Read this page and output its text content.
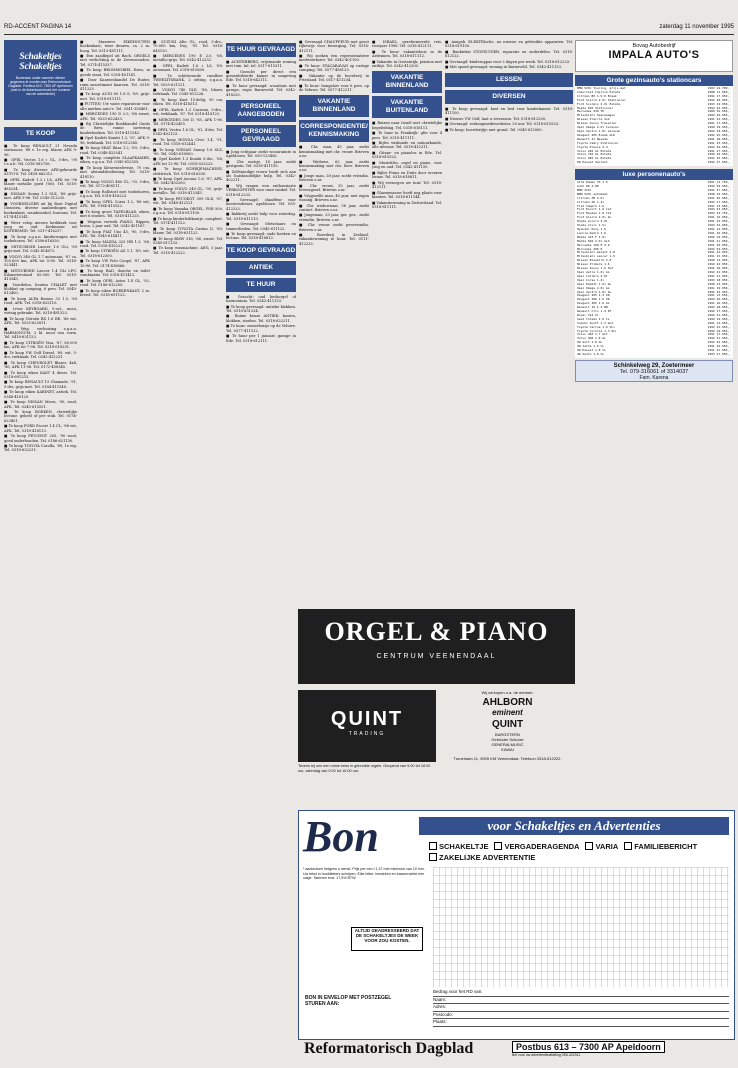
RD-ACCENT PAGINA 14	zaterdag 11 november 1995
Schakeltjes Schakeltjes
Bovenaan onder nummer dienen gegevens te worden aan Reformatorisch Dagblad. Postbus 613, 7300 AP Apeldoorn (met in de linkerbovenhoek het nummer van de advertentie)
TE KOOP

■ Te koop RENAULT 21 Nevada stationcar, '88 v. 1e eig. blauw, APK 9-96.

■ OPEL Vectra 1.6 i GL, 5-drs, '90 t.e.a.b. Tel. 0318-582756.

■ Te koop diverse APK-gekeurde AUTO'S. Tel. 0418-662312.

■ OPEL Kadett 1.3 i LS, APK tot '96 blauw metallic goed ('86). Tel. 0318-485234.

■ NISSAN Sunny 1.3 SLX, '88 grijs-met. APK 9-96. Tel. 0345-512235.

■ VOORDELIGER uit bij Bout Digital Diensten, diverse aanbiedingen met boekenkast, wandmeubel, bureaus. Tel. 0174-415341.

■ Weer volop nieuwe kerkkerk voor jong en oud. Kerkmusic uit KOTERSMID. Tel. 0317-416237.

■ Te koop z.g.a.n. kinderwagen met toebehoren. Tel. 0186-616350.

■ MITSUBISHI Lancer 1.6 GLi, '89 grijs-met. Tel. 0342-414672.

■ VOLVO 340 GL 1.7 automaat, '87 ca. 105.000 km, APK tot 5-96. Tel. 0316-523441.

■ MITSUBISHI Lancer 1.4 GLi LPG. Kilometerstand 65.000. Tel. 0318-413345.

■ Voordelen, houten CHALET met blokhut op camping, 6 pers. Tel. 0345-612400.

■ Te koop ALFA Romeo 33 1.5, '89 rood, APK. Tel. 0318-632110.

■ Ivoor KEYBOARD, 5-oct., mooi, weinig gebruikt. Tel. 0318-481523.

■ Te koop Citroën BX 1.6 RE, '88 wit, APK. Tel. 0525-622811.

■ Weg. verhuizing z.g.a.n. HARMONIUM, 2 kl. mooi van vorm. Tel. 0418-631123.

■ Te koop CITROËN Visa, '87, 80.000 km, APK tot 7-96. Tel. 0318-618251.

■ Te koop VW Golf Diesel, '89, wit, 5-drs, trekhaak. Tel. 0342-412231.

■ Te koop CHEVROLET Blazer, 4x4, '86, APK 11-96. Tel. 0172-408345.

■ Te koop eiken KAST 4 deurs. Tel. 0318-691233.

■ Te koop RENAULT 19 Chamade, '91, 5-drs, grijs-met. Tel. 0184-411540.

■ Te koop eiken KABINET, antiek. Tel. 0348-416120.

■ Te koop NISSAN Micra, '90, rood, APK. Tel. 0345-615551.

■ Te koop BOEKEN, christelijke lectuur, geheel of per stuk. Tel. 0174-623401.

■ Te koop FORD Escort 1.4 CL, '88 wit, APK. Tel. 0318-418113.

■ Te koop PEUGEOT 205, '90 rood, goed onderhouden. Tel. 0186-621130.

■ Te koop TOYOTA Corolla, '89, 1e eig. Tel. 0318-652231.

■ Massieve EIKEHOUTEN boekenkast, twee deuren, ca. 2 m. hoog. Tel. 0313-481111.

■ Een zaadlepel uit Bach. ORGELS met verlichting in de Zevenwouden. Tel. 0174-415337.

■ Te koop BROMMOBIEL Estro, in goede staat. Tel. 0318-451141.

■ Door Kaarsenhandel De Ruiter, ruim assortiment kaarsen. Tel. 0318-411223.

■ Te koop AUDI 80 1.8 S, '89, grijs-met. Tel. 0318-611111.

■ PUTTEN: Uw vaste reparateur voor alle merken auto's. Tel. 0341-358461.

■ MERCEDES 190 D 2.5, '88 zwart, APK. Tel. 0525-622433.

■ Bij Christelijke Boekhandel Guido de Bres, ruime sortering kinderboeken. Tel. 0318-411542.

■ Opel Kadett Kombi 1.3, '87, APK 9-96, trekhaak. Tel. 0318-612345.

■ Te koop SEAT Ibiza 1.2, '89, 3-drs, rood. Tel. 0348-422541.

■ Te koop complete SLAAPKAMER, eiken, z.g.a.n. Tel. 0345-612555.

■ Te koop kleurentelevisie, 70 cm, met afstandsbediening. Tel. 0318-418110.

■ Te koop VOLVO 460 GL, '93, 5-drs, wit. Tel. 0172-408111.

■ Te koop Rollstoel met toebehoren, z.g.a.n. Tel. 0318-416223.

■ Te koop OPEL Corsa 1.2, '88 wit, APK. Tel. 0184-415522.

■ Te koop groot TAFELBLAD, eiken, met 6 stoelen. Tel. 0318-411225.

■ Wegens vertrek PIANO, Rippen, bruin, 2 jaar oud. Tel. 0342-451167.

■ Te koop FIAT Uno 45, '90, 5-drs, APK. Tel. 0345-614411.

■ Te koop MAZDA 323 HB 1.3, '88, rood. Tel. 0316-415221.

■ Te koop CITROËN AX 1.1, '89, wit. Tel. 0318-612300.

■ Te koop VW Polo Coupé, '87, APK 10-96. Tel. 0174-416666.

■ Te koop BAD, douche en toilet combinatie. Tel. 0318-411412.

■ Te koop OPEL Astra 1.4 GL, '92, rood. Tel. 0186-612200.

■ Te koop eiken BOEKENKAST, 2 m. breed. Tel. 0318-691122.

■ SUZUKI Alto GL, rood, 5-drs., 70.000 km, bwj. '91. Tel. 0318-645120.

■ MERCEDES 190 E 2.0, '88, metallic-grijs. Tel. 0342-412232.

■ OPEL Kadett 1.6 i LS, '89, automaat. Tel. 0318-615600.

■ Te schitterende rundleer TWEEZITSBANK, 2 zitting, z.g.a.n. Tel. 0525-621121.

■ VOLVO 740 GLE, '88, blauw, trekhaak. Tel. 0345-612226.

■ Te koop Kast 15-delig, 90 cm, eiken. Tel. 0318-418313.

■ OPEL Kadett 1.3 Caravan, 5-drs., wit, trekhaak, '87. Tel. 0318-418123.

■ MERCEDES 300 D, '85, APK 1-96. Tel. 0174-422455.

■ OPEL Vectra 1.6 GL, '91, 4-drs. Tel. 0342-402123.

■ Te koop HONDA Civic 1.4, '91, rood. Tel. 0318-612441.

■ Te koop NISSAN Sunny 1.6 SLX, '90. Tel. 0345-618000.

■ Opel Kadett 1.3 Kombi 5-drs., '88, APK tot 12-96. Tel. 0318-523223.

■ Te koop SCHRIJFMACHINE, elektrisch. Tel. 0318-616200.

■ Te koop Opel Ascona 1.6, '87, APK. Tel. 0342-452200.

■ Te koop VOLVO 240 GL, '90, grijs-metallic. Tel. 0318-412345.

■ Te koop PEUGEOT 309 GLD, '87, wit. Tel. 0348-412121.

■ Te koop Yamaha ORGEL, PSR 500, z.g.a.n. Tel. 0318-611100.

■ Te koop kinderledikantje, compleet. Tel. 0174-411122.

■ Te koop TOYOTA Carina II, '89, blauw. Tel. 0318-631122.

■ Te koop BMW 316, '86, zwart. Tel. 0345-611133.

■ Te koop wasmachine, AEG, 5 jaar. Tel. 0318-412222.

TE HUUR GEVRAAGD

■ ACHTERBERG, vrijstaande woning met tuin. Inl. tel. 0317-615311.

■ Gezocht per direct een gemeubileerde kamer in omgeving Ede. Tel. 0318-642111.

■ Te huur gevraagd: woonhuis met garage, regio Barneveld. Tel. 0342-418220.

PERSONEEL AANGEBODEN
PERSONEEL GEVRAAGD

■ Jong echtpaar zoekt woonruimte in Apeldoorn. Tel. 055-123456.

■ Chr. meisje, 18 jaar, zoekt gastgezin. Tel. 0318-411155.

■ Zelfstandige vrouw biedt zich aan als huishoudelijke hulp. Tel. 0342-402211.

■ Wij vragen een enthousiaste VERKOOPSTER voor onze winkel. Tel. 0318-612233.

■ Gevraagd: chauffeur voor koeriersdienst, Apeldoorn. Tel. 055-412223.

■ Bakkerij zoekt hulp voor zaterdag. Tel. 0318-611110.

■ Gevraagd: Metselaars en timmerlieden. Tel. 0345-611122.

■ Te koop gevraagd: oude boeken en lectuur. Tel. 0318-418812.

TE KOOP GEVRAAGD
ANTIEK
TE HUUR

■ Gezocht: oud kerkorgel of harmonium. Tel. 0342-411133.

■ Te koop gevraagd: antieke klokken. Tel. 0318-631234.

■ Ruime keuze ANTIEK: kasten, klokken, stoelen. Tel. 0318-622211.

■ Te huur: zomerhuisje op de Veluwe. Tel. 0577-411122.

■ Te huur per 1 januari: garage in Ede. Tel. 0318-612111.

■ Gevraagd CHAUFFEUR met groot rijbewijs voor bezorging. Tel. 0318-412111.

■ Wij zoeken een representatieve medewerkster. Tel. 0342-401100.

■ Te huur: STACARAVAN op rustige camping. Tel. 0577-456123.

■ Vakantie op de boerderij in Friesland. Tel. 0517-411234.

■ Te huur: bungalow voor 6 pers. op de Veluwe. Tel. 0577-412211.

VAKANTIE BINNENLAND
CORRESPONDENTIE/ KENNISMAKING

■ Chr. man, 45 jaar, zoekt kennismaking met chr. vrouw. Brieven o.nr.

■ Weduwe, 62 jaar, zoekt kennismaking met chr. heer. Brieven o.nr.

■ Jonge man, 28 jaar, zoekt vriendin. Brieven o.nr.

■ Chr. vrouw, 35 jaar, zoekt levensgezel. Brieven o.nr.

■ Vrijgezelle man, 40 jaar, met eigen woning. Brieven o.nr.

■ Chr. weduwnaar, 58 jaar, zoekt contact. Brieven o.nr.

■ Jongeman, 33 jaar, ger. gez., zoekt vriendin. Brieven o.nr.

■ Chr. vrouw zoekt penvriendin. Brieven o.nr.

■ Boerderij in Zeeland, vakantiewoning te huur. Tel. 0111-412233.

■ ISRAËL, gereformeerde reis, voorjaar 1996. Tel. 0318-412111.

■ Te huur: vakantiehuis in de Ardennen. Tel. 0318-611112.

■ Vakantie in Oostenrijk, pension met ontbijt. Tel. 0342-412200.

VAKANTIE BINNENLAND
VAKANTIE BUITENLAND

■ Reizen naar Israël met christelijke begeleiding. Tel. 0318-616111.

■ Te huur in Frankrijk: gîte voor 4 pers. Tel. 0318-411111.

■ Bijles wiskunde en natuurkunde, alle niveaus. Tel. 0318-412211.

■ Gitaar- en pianoles in Ede. Tel. 0318-615522.

■ Muziekles, orgel en piano, voor jong en oud. Tel. 0342-411155.

■ Bijles Frans en Duits door ervaren leraar. Tel. 0318-618811.

■ Wij verzorgen uw tuin! Tel. 0318-412111.

■ Glazenwasser heeft nog plaats voor klanten. Tel. 0318-611144.

■ Vakantiewoning in Zwitserland. Tel. 0318-611111.

■ Aangeb. ELEKTRIsche, nu nieuwe en gebruikte apparaten. Tel. 0318-619100.

■ Bauktekst STOFZUIGER, reparatie en onderdelen. Tel. 0318-612122.

■ Gevraagd: kinderoppas voor 2 dagen per week. Tel. 0318-612233.

■ Met spoed gevraagd: woning in Barneveld. Tel. 0342-411133.

LESSEN
DIVERSEN

■ Te koop gevraagd: kast en bed voor kinderkamer. Tel. 0318-411100.

■ Nieuwe VW Golf, laat u verrassen. Tel. 0318-612200.

■ Gevraagd: verkoopmedewerkster, 20 uur. Tel. 0318-615533.

■ Te koop: boerderijtje met grond. Tel. 0345-612000.

Bovag Autobedrijf
IMPALA AUTO'S
Grote gezinsauto's stationcars
BMW 520i Touring, grijs-met	1993 44.700,-
Chevrolet Caprice Estate	1988 11.950,-
Citroën BX 1.9 D Break	1991 17.950,-
Ford Sierra 2.0i Stationcar	1992 20.950,-
Ford Scorpio 2.0i Estate	1993 34.950,-
Mazda 626 Stationcar	1992 24.950,-
Mercedes 230 TE	1989 36.950,-
Mitsubishi Spacewagon	1992 29.950,-
Nissan Prairie 4x4	1991 22.950,-
Nissan Sunny Traveller	1991 17.950,-
Opel Omega 2.0i Caravan	1990 19.950,-
Opel Vectra 1.8i Caravan	1992 19.950,-
Peugeot 405 Break GLD	1992 25.950,-
Renault 21 Nevada	1991 18.950,-
Toyota Camry Stationcar	1991 23.950,-
Toyota Previa 2.4	1992 42.950,-
Volvo 240 GL Estate	1991 27.950,-
Volvo 740 GL Estate	1990 29.950,-
Volvo 940 GL Estate	1992 36.950,-
VW Passat Variant	1992 27.950,-
luxe personenauto's
Alfa Romeo 33 1.5	1991 13.750,-
Audi 80 2.0E	1992 29.950,-
BMW 316i	1991 27.950,-
BMW 520i automaat	1990 32.950,-
Citroën XM 2.0i	1991 26.950,-
Citroën ZX 1.4i	1992 17.950,-
Fiat Tempra 1.6	1991 13.950,-
Ford Escort 1.6 CLX	1993 23.950,-
Ford Mondeo 1.8 CLX	1993 34.750,-
Ford Sierra 2.0i GL	1991 16.950,-
Honda Accord 2.0i	1991 23.950,-
Honda Civic 1.5i	1993 24.950,-
Hyundai Pony 1.5	1991 12.950,-
Lancia Dedra 1.6	1991 16.950,-
Mazda 323 F 1.6i	1992 19.950,-
Mazda 626 2.0i GLX	1991 21.950,-
Mercedes 190 E 2.0	1991 39.950,-
Mercedes 200 E	1992 54.950,-
Mitsubishi Galant 2.0	1991 21.950,-
Mitsubishi Lancer 1.5	1991 15.950,-
Nissan Bluebird 2.0	1990 12.950,-
Nissan Primera 1.6	1992 22.950,-
Nissan Sunny 1.6 SLX	1991 16.950,-
Opel Astra 1.6i GL	1992 21.950,-
Opel Calibra 2.0i	1991 31.950,-
Opel Corsa 1.4i	1993 18.950,-
Opel Kadett 1.6i GL	1990 13.950,-
Opel Omega 2.0i GL	1991 19.950,-
Opel Vectra 1.8i GL	1992 22.950,-
Peugeot 205 1.4 XR	1991 13.950,-
Peugeot 306 1.6 XR	1993 26.950,-
Peugeot 405 1.6 GL	1991 16.950,-
Renault 19 1.4 RN	1992 18.950,-
Renault Clio 1.4 RT	1992 17.950,-
Rover 214 Si	1992 21.950,-
Seat Toledo 1.6 CL	1992 19.950,-
Suzuki Swift 1.3 GLX	1991 12.950,-
Toyota Carina 1.6 XLi	1992 23.950,-
Toyota Corolla 1.3 XLi	1992 19.950,-
Volvo 440 1.7 GLT	1991 17.950,-
Volvo 460 1.8 GL	1992 21.950,-
VW Golf 1.8 GL	1992 22.950,-
VW Jetta 1.6 CL	1991 16.950,-
VW Passat 1.8 CL	1991 21.950,-
VW Vento 1.8 CL	1993 27.950,-
Schinkelweg 29, Zoetermeer
Tel. 079-316061 of 3314037
Fam. Karena
ORGEL & PIANO
CENTRUM VEENENDAAL
QUINT
TRADING
Tevens bij ons een ruime keus in gebruikte orgels. Geopend van 9.00 tot 18.00 uur, zaterdag van 9.00 tot 16.00 uur.
Wij verkopen o.a. de merken:
AHLBORN
eminent
QUINT
BARGSTERN
Gebrüder Schulze
GENERALMUSIC
KAWAI
Turnerlaan 11, 3905 KM Veenendaal. Telefoon 0318-512222.
Bon	voor Schakeltjes en Advertenties
SCHAKELTJE VERGADERAGENDA VARIA FAMILIEBERICHTZAKELIJKE ADVERTENTIE
* aankruisen hetgeen u wenst. Prijs per mm f 1,37 met minimum van 10 mm. Uw tekst in hoofdletters schrijven. Elke letter, leesteken en tussenruimte een vakje. Tarieven excl. 17,5% BTW.
ALTIJD GEADRESSEERD DAT DE SCHAKELTJES DE WEEK VOOR ZOU KOSTEN.
BON IN ENVELOP MET POSTZEGEL STUREN AAN:
Bedrag voor het RD van:
Naam:
Adres:
Postcode:
Plaats:
Reformatorisch Dagblad	Postbus 613 – 7300 AP Apeldoorn
Bel voor uw advertentieafdeling 055-422311
